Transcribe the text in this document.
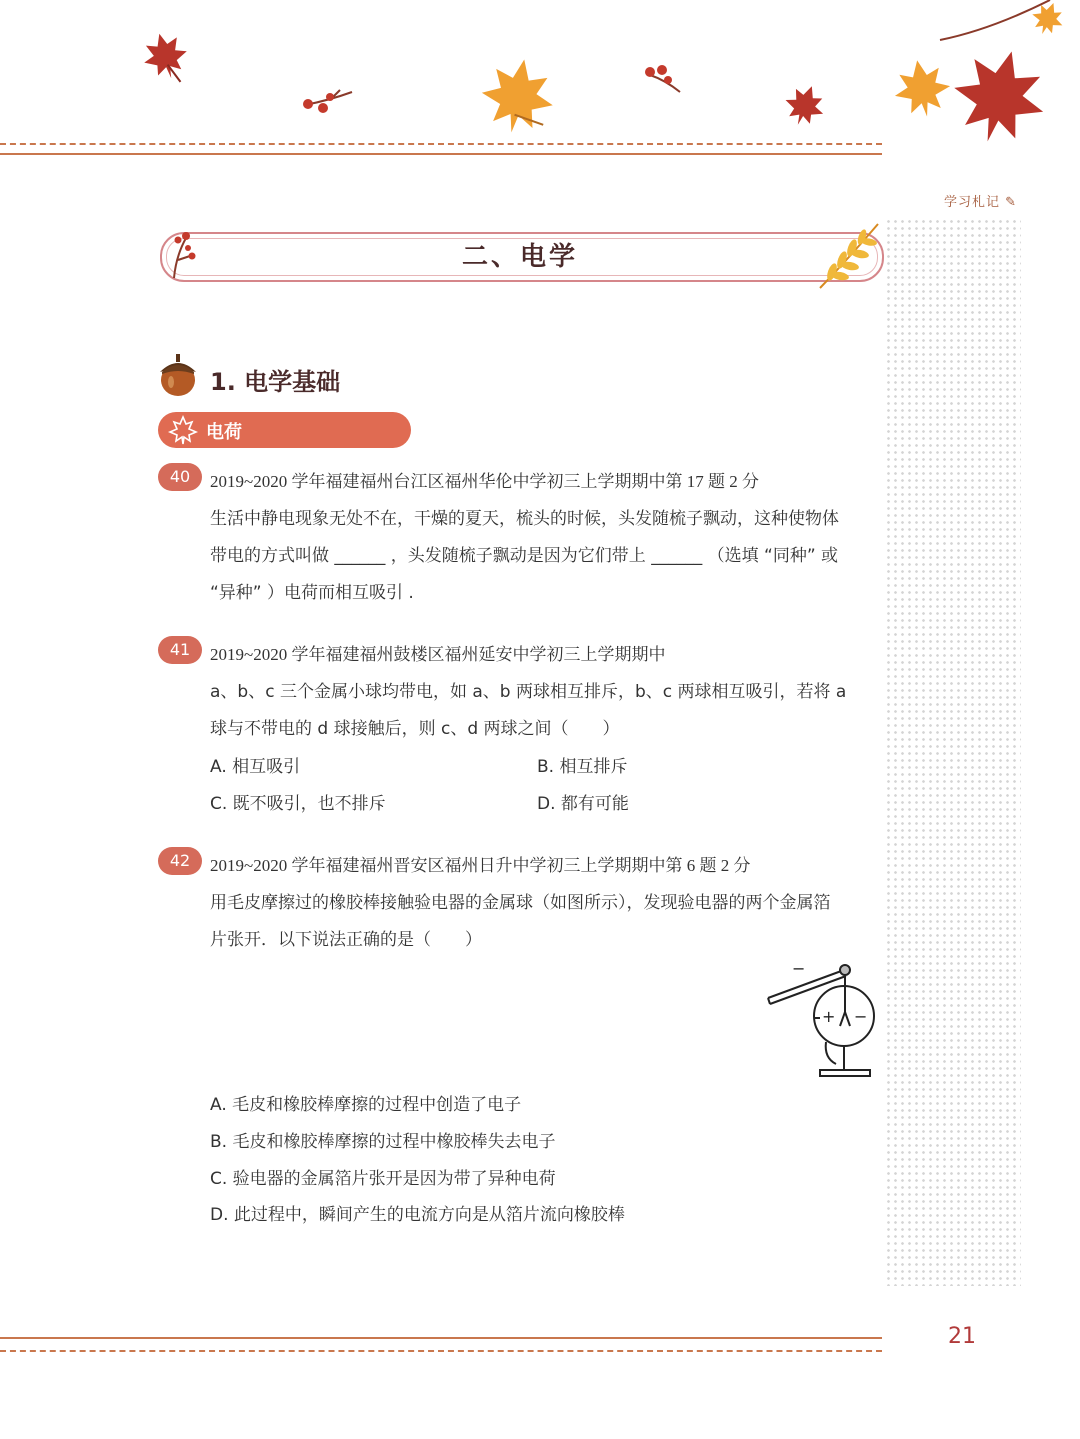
学习札记 ✎
二、电学
1. 电学基础
电荷
40	2019~2020 学年福建福州台江区福州华伦中学初三上学期期中第 17 题 2 分
生活中静电现象无处不在，干燥的夏天，梳头的时候，头发随梳子飘动，这种使物体
带电的方式叫做 ______ ，头发随梳子飘动是因为它们带上 ______ （选填 “同种” 或
“异种” ）电荷而相互吸引 .
41	2019~2020 学年福建福州鼓楼区福州延安中学初三上学期期中
a、b、c 三个金属小球均带电，如 a、b 两球相互排斥，b、c 两球相互吸引，若将 a
球与不带电的 d 球接触后，则 c、d 两球之间（　　）
A. 相互吸引	B. 相互排斥
C. 既不吸引，也不排斥	D. 都有可能
42	2019~2020 学年福建福州晋安区福州日升中学初三上学期期中第 6 题 2 分
用毛皮摩擦过的橡胶棒接触验电器的金属球（如图所示），发现验电器的两个金属箔
片张开．以下说法正确的是（　　）
−
+ −
A. 毛皮和橡胶棒摩擦的过程中创造了电子
B. 毛皮和橡胶棒摩擦的过程中橡胶棒失去电子
C. 验电器的金属箔片张开是因为带了异种电荷
D. 此过程中，瞬间产生的电流方向是从箔片流向橡胶棒
21
